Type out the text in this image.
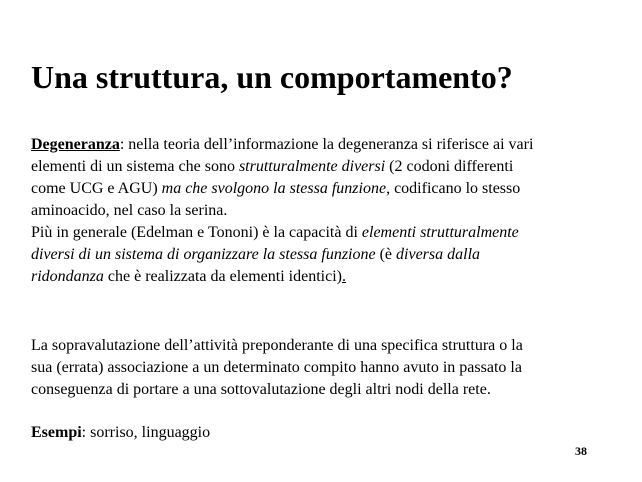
Una struttura, un comportamento?
Degeneranza: nella teoria dell’informazione la degeneranza si riferisce ai vari
elementi di un sistema che sono strutturalmente diversi (2 codoni differenti
come UCG e AGU) ma che svolgono la stessa funzione, codificano lo stesso
aminoacido, nel caso la serina.
Più in generale (Edelman e Tononi) è la capacità di elementi strutturalmente
diversi di un sistema di organizzare la stessa funzione (è diversa dalla
ridondanza che è realizzata da elementi identici).
La sopravalutazione dell’attività preponderante di una specifica struttura o la
sua (errata) associazione a un determinato compito hanno avuto in passato la
conseguenza di portare a una sottovalutazione degli altri nodi della rete.
Esempi: sorriso, linguaggio
38
